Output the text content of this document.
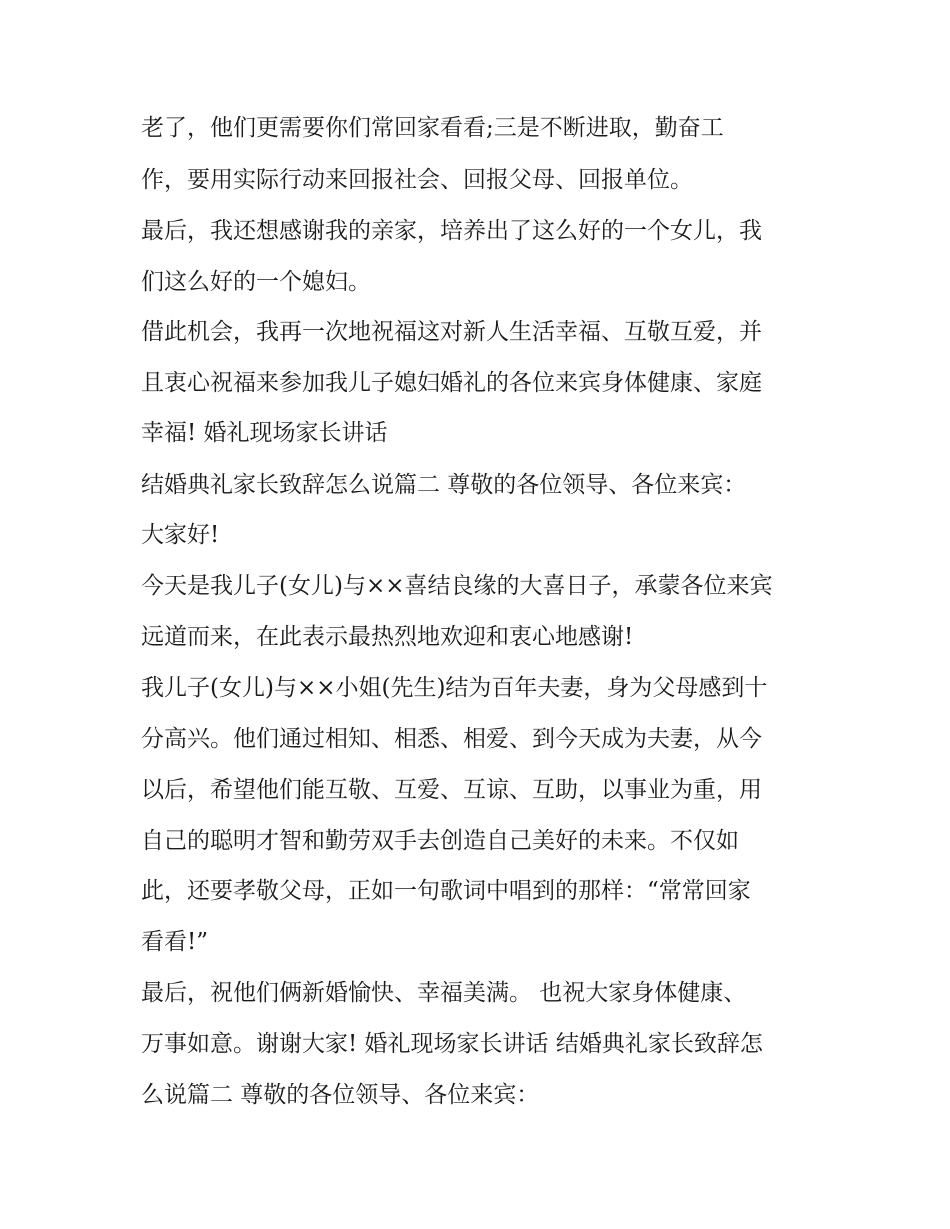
老了，他们更需要你们常回家看看;三是不断进取，勤奋工

作，要用实际行动来回报社会、回报父母、回报单位。

最后，我还想感谢我的亲家，培养出了这么好的一个女儿，我

们这么好的一个媳妇。

借此机会，我再一次地祝福这对新人生活幸福、互敬互爱，并

且衷心祝福来参加我儿子媳妇婚礼的各位来宾身体健康、家庭

幸福! 婚礼现场家长讲话

结婚典礼家长致辞怎么说篇二 尊敬的各位领导、各位来宾：

大家好!

今天是我儿子(女儿)与××喜结良缘的大喜日子，承蒙各位来宾

远道而来，在此表示最热烈地欢迎和衷心地感谢!

我儿子(女儿)与××小姐(先生)结为百年夫妻，身为父母感到十

分高兴。他们通过相知、相悉、相爱、到今天成为夫妻，从今

以后，希望他们能互敬、互爱、互谅、互助，以事业为重，用

自己的聪明才智和勤劳双手去创造自己美好的未来。不仅如

此，还要孝敬父母，正如一句歌词中唱到的那样：“常常回家

看看!”

最后，祝他们俩新婚愉快、幸福美满。 也祝大家身体健康、

万事如意。谢谢大家! 婚礼现场家长讲话 结婚典礼家长致辞怎

么说篇二 尊敬的各位领导、各位来宾：
